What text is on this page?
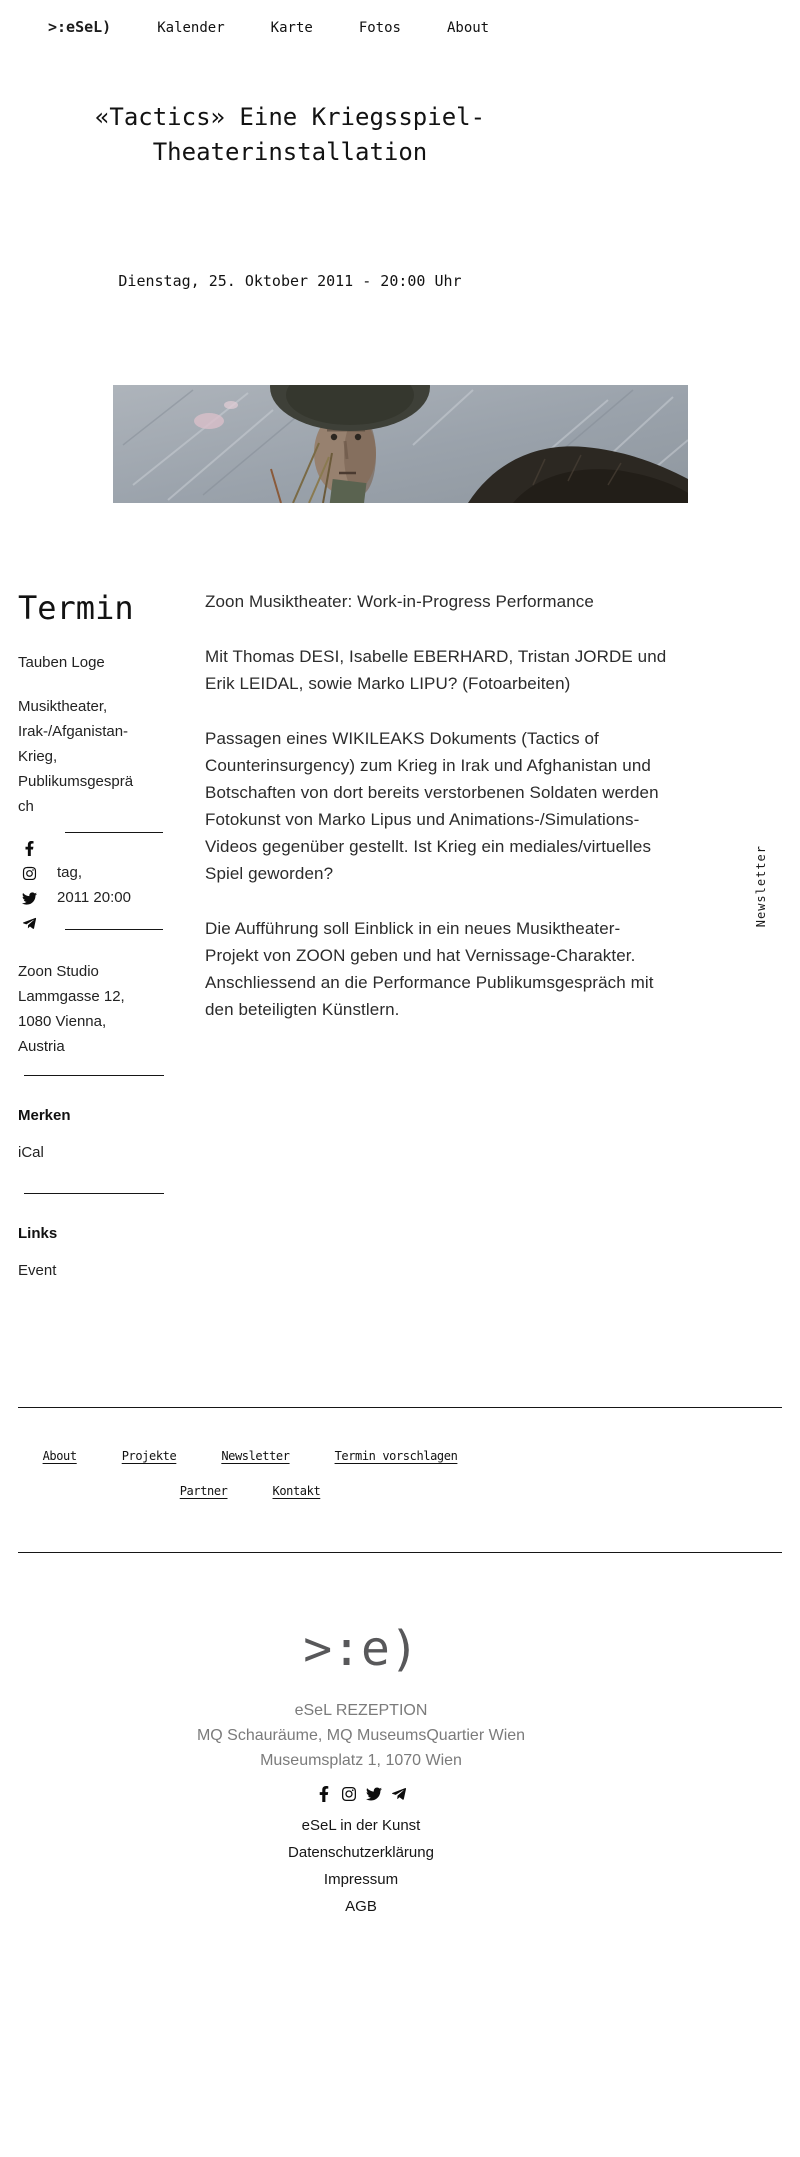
>:eSeL)	Kalender	Karte	Fotos	About
«Tactics» Eine Kriegsspiel-
Theaterinstallation
Dienstag, 25. Oktober 2011 - 20:00 Uhr
Termin
Tauben Loge
Musiktheater, Irak-/Afganistan-Krieg, Publikumsgespräch
tag,
2011 20:00
Zoon Studio
Lammgasse 12,
1080 Vienna,
Austria
Merken
iCal
Links
Event
Zoon Musiktheater: Work-in-Progress Performance
Mit Thomas DESI, Isabelle EBERHARD, Tristan JORDE und
Erik LEIDAL, sowie Marko LIPU? (Fotoarbeiten)
Passagen eines WIKILEAKS Dokuments (Tactics of
Counterinsurgency) zum Krieg in Irak und Afghanistan und
Botschaften von dort bereits verstorbenen Soldaten werden
Fotokunst von Marko Lipus und Animations-/Simulations-
Videos gegenüber gestellt. Ist Krieg ein mediales/virtuelles
Spiel geworden?
Die Aufführung soll Einblick in ein neues Musiktheater-
Projekt von ZOON geben und hat Vernissage-Charakter.
Anschliessend an die Performance Publikumsgespräch mit
den beteiligten Künstlern.
Newsletter
About	Projekte	Newsletter	Termin vorschlagen
Partner	Kontakt
>:e)
eSeL REZEPTION
MQ Schauräume, MQ MuseumsQuartier Wien
Museumsplatz 1, 1070 Wien
eSeL in der Kunst
Datenschutzerklärung
Impressum
AGB
